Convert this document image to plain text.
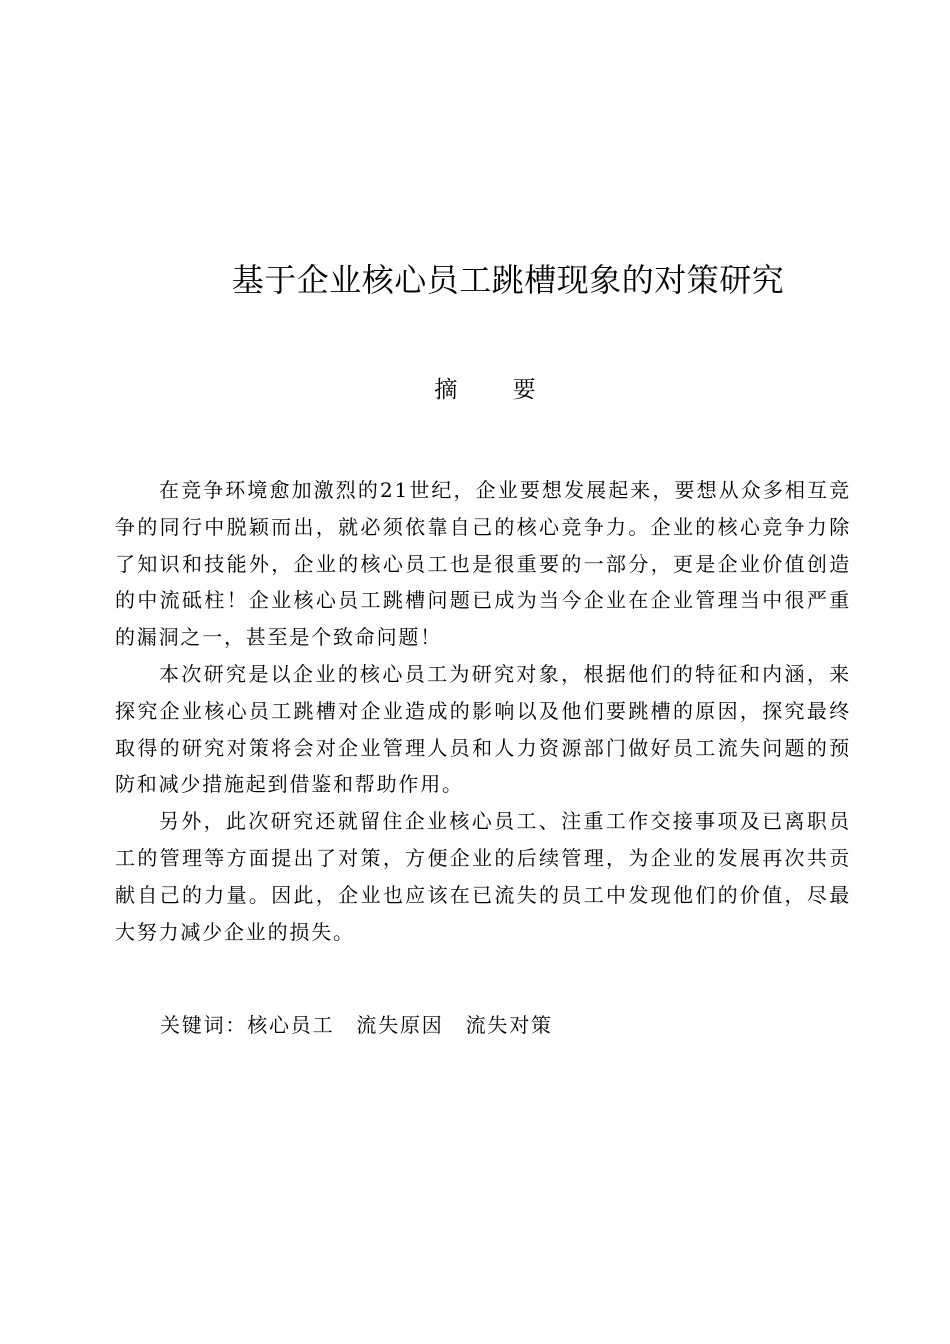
基于企业核心员工跳槽现象的对策研究
摘 要

在竞争环境愈加激烈的21世纪，企业要想发展起来，要想从众多相互竞争的同行中脱颖而出，就必须依靠自己的核心竞争力。企业的核心竞争力除了知识和技能外，企业的核心员工也是很重要的一部分，更是企业价值创造的中流砥柱！企业核心员工跳槽问题已成为当今企业在企业管理当中很严重的漏洞之一，甚至是个致命问题！

本次研究是以企业的核心员工为研究对象，根据他们的特征和内涵，来探究企业核心员工跳槽对企业造成的影响以及他们要跳槽的原因，探究最终取得的研究对策将会对企业管理人员和人力资源部门做好员工流失问题的预防和减少措施起到借鉴和帮助作用。

另外，此次研究还就留住企业核心员工、注重工作交接事项及已离职员工的管理等方面提出了对策，方便企业的后续管理，为企业的发展再次共贡献自己的力量。因此，企业也应该在已流失的员工中发现他们的价值，尽最大努力减少企业的损失。

关键词：核心员工 流失原因 流失对策
